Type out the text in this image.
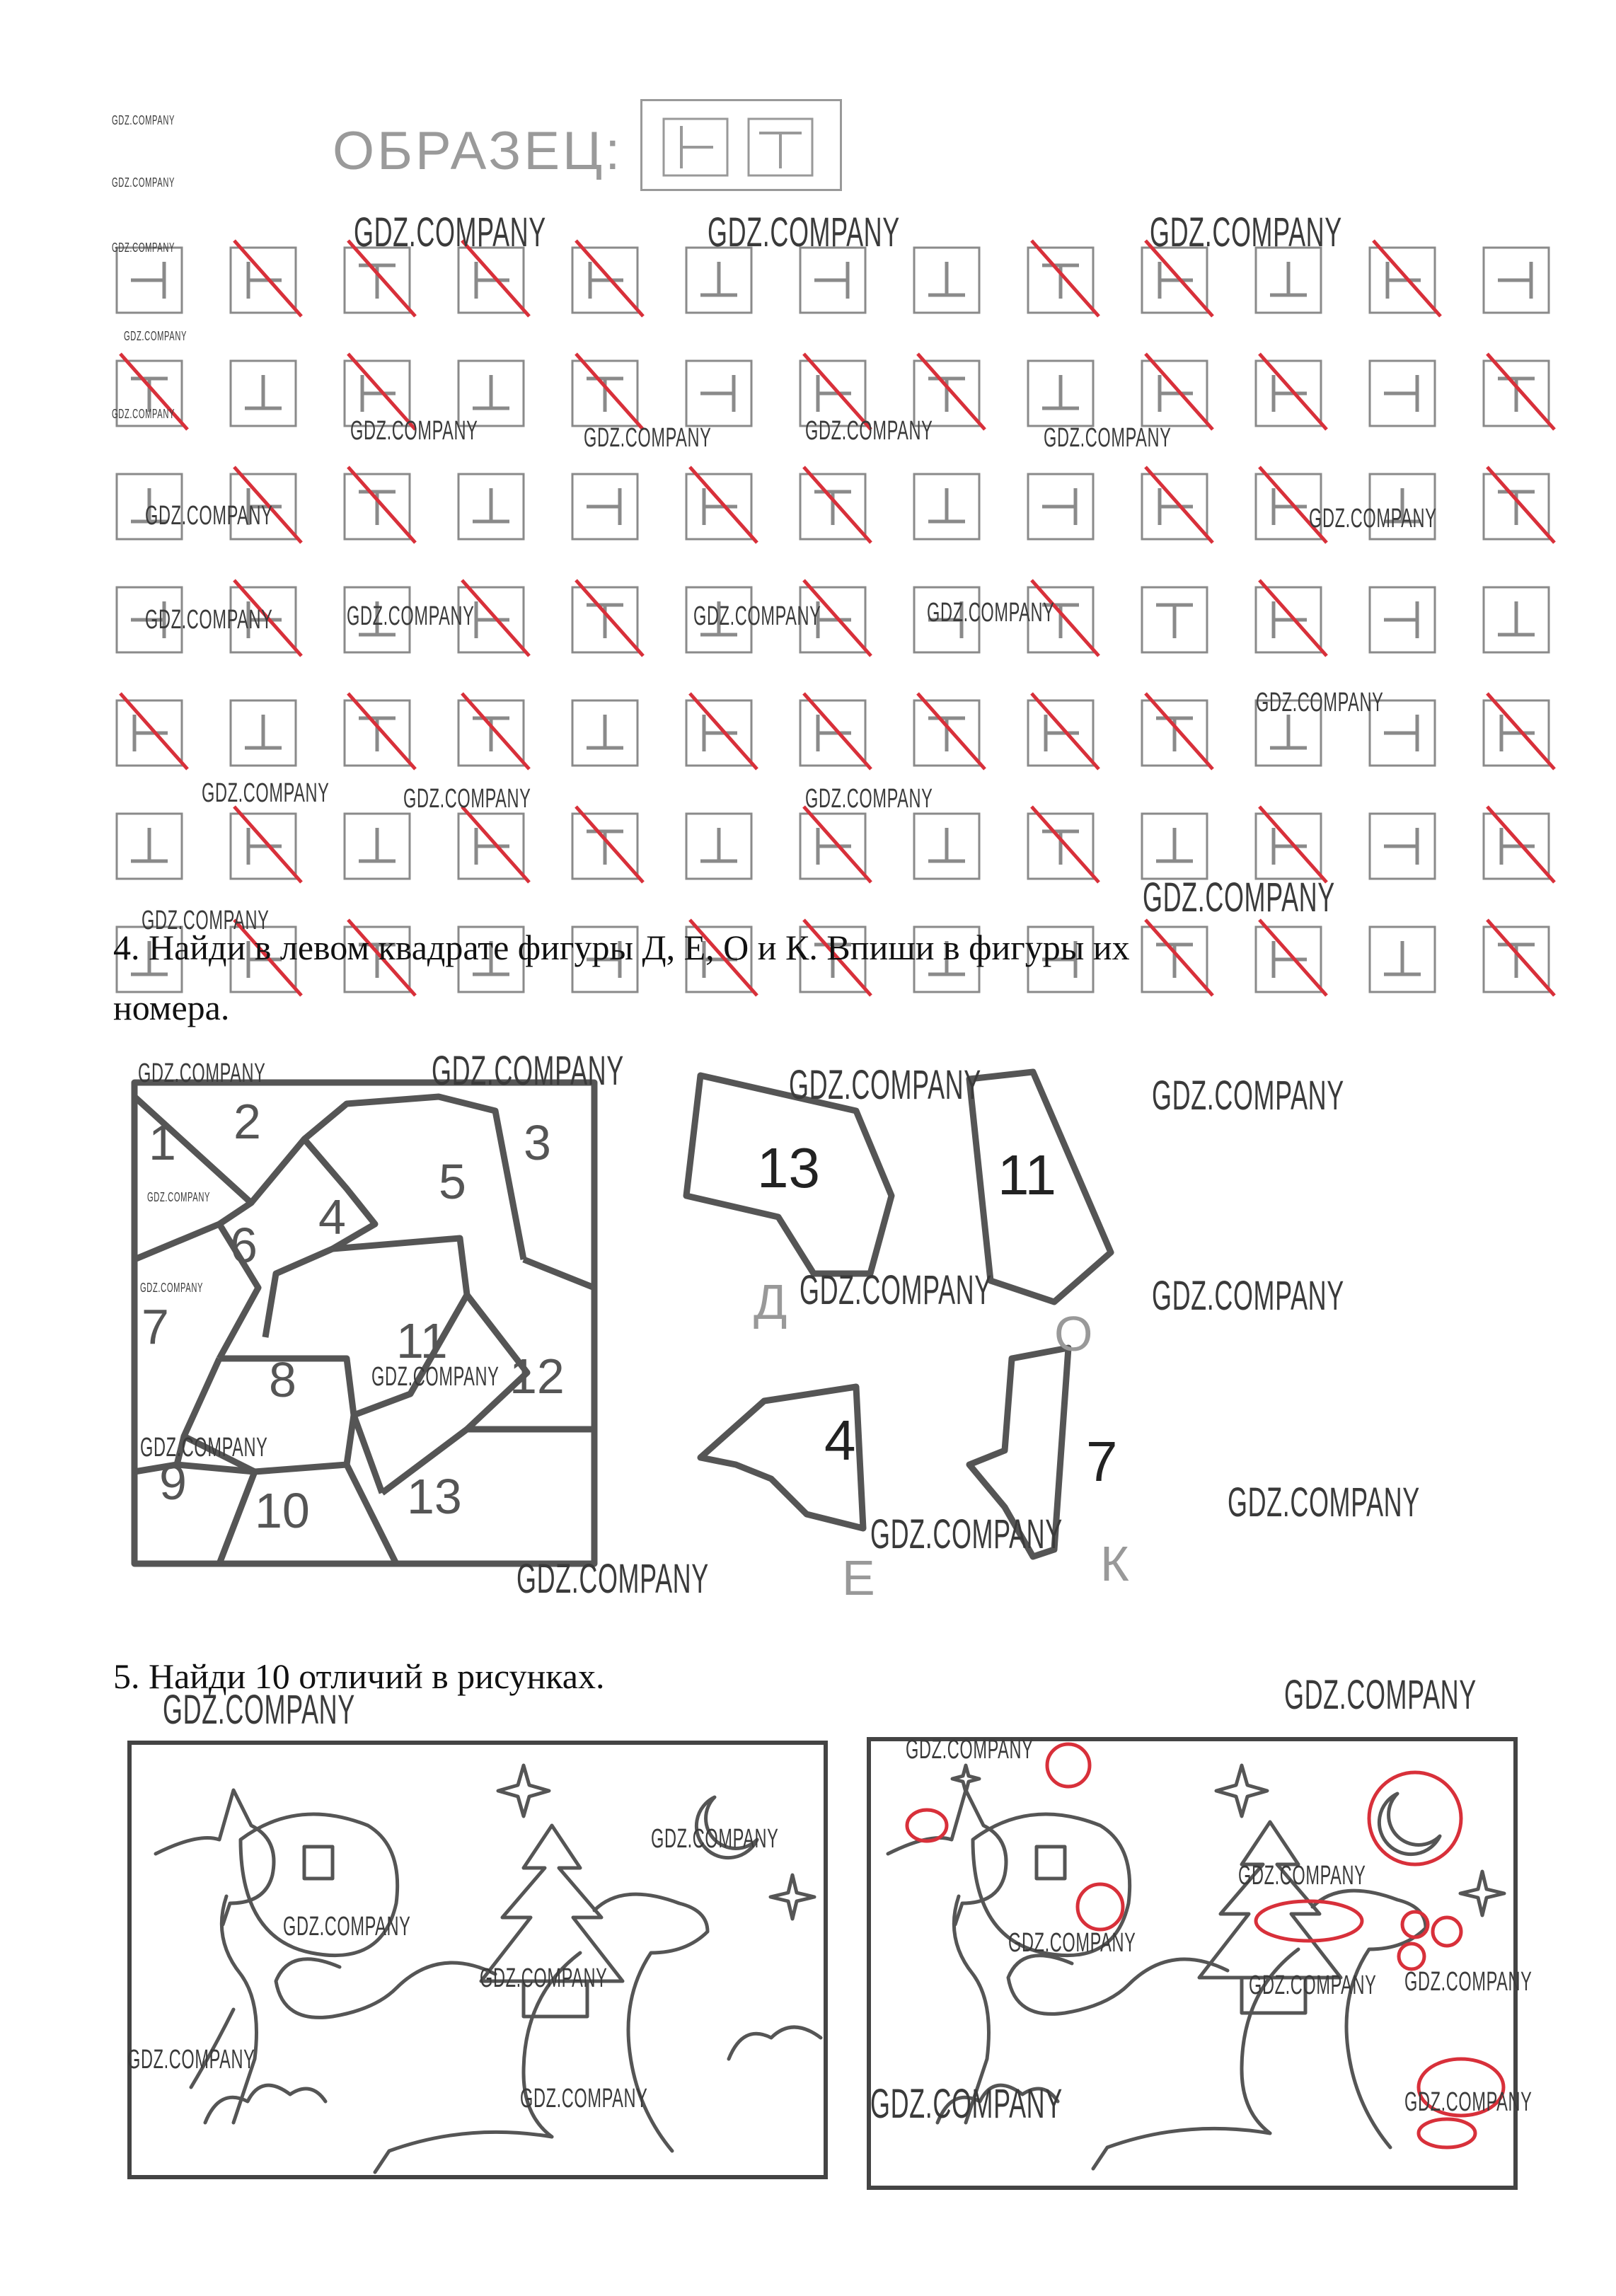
ОБРАЗЕЦ:
4. Найди в левом квадрате фигуры Д, Е, О и К. Впиши в фигуры их
номера.
1 2	3
4
5
6
7
8
9
10
11
12
13
13	11
4	7
Д
О
Е	К
5. Найди 10 отличий в рисунках.
GDZ.COMPANY
GDZ.COMPANY
GDZ.COMPANY	GDZ.COMPANY	GDZ.COMPANY	GDZ.COMPANY
GDZ.COMPANY
GDZ.COMPANY
GDZ.COMPANY	GDZ.COMPANY	GDZ.COMPANY	GDZ.COMPANY
GDZ.COMPANY	GDZ.COMPANY
GDZ.COMPANY	GDZ.COMPANY	GDZ.COMPANY	GDZ.COMPANY
GDZ.COMPANY
GDZ.COMPANY	GDZ.COMPANY	GDZ.COMPANY
GDZ.COMPANY
GDZ.COMPANY
GDZ.COMPANY	GDZ.COMPANY	GDZ.COMPANY	GDZ.COMPANY
GDZ.COMPANY
GDZ.COMPANY
GDZ.COMPANY
GDZ.COMPANY
GDZ.COMPANY	GDZ.COMPANY
GDZ.COMPANY
GDZ.COMPANY
GDZ.COMPANY
GDZ.COMPANY	GDZ.COMPANY
GDZ.COMPANY
GDZ.COMPANY
GDZ.COMPANY
GDZ.COMPANY
GDZ.COMPANY
GDZ.COMPANY
GDZ.COMPANY
GDZ.COMPANY
GDZ.COMPANY GDZ.COMPANY
GDZ.COMPANY	GDZ.COMPANY
